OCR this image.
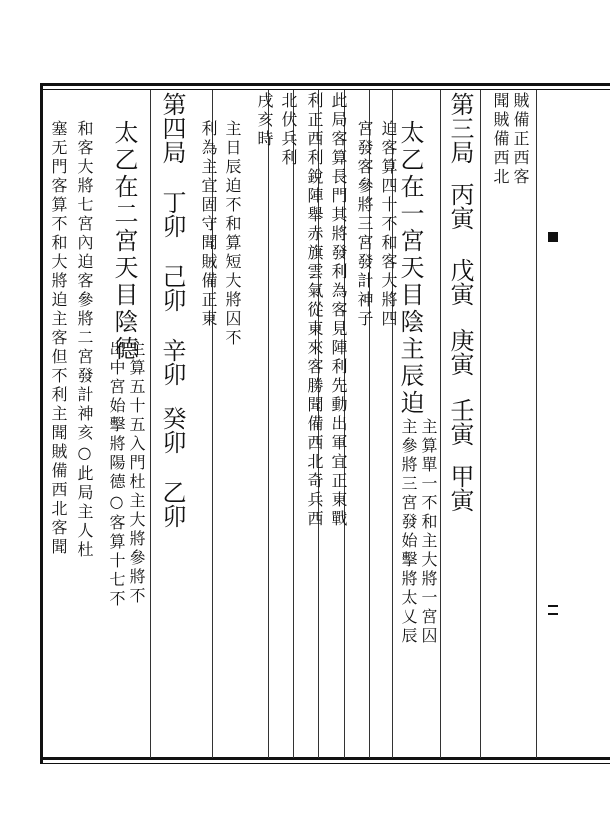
賊備正西客
聞賊備西北
第三局丙寅戊寅庚寅壬寅甲寅
太乙在一宮天目陰主辰迫
主算單一不和主大將一宮囚
主參將三宮發始擊將太乂辰
迫客算四十不和客大將四
宮發客參將三宮發計神子
此局客算長門其將發利為客見陣利先動出軍宜正東戰
利正西利銳陣舉赤旗雲氣從東來客勝聞備西北奇兵西
北伏兵利
戌亥時
主日辰迫不和算短大將囚不
利為主宜固守聞賊備正東
第四局丁卯己卯辛卯癸卯乙卯
太乙在二宮天目陰德
主算五十五入門杜主大將參將不
出中宮始擊將陽德○客算十七不
和客大將七宮內迫客參將二宮發計神亥○此局主人杜
塞无門客算不和大將迫主客但不利主聞賊備西北客聞
